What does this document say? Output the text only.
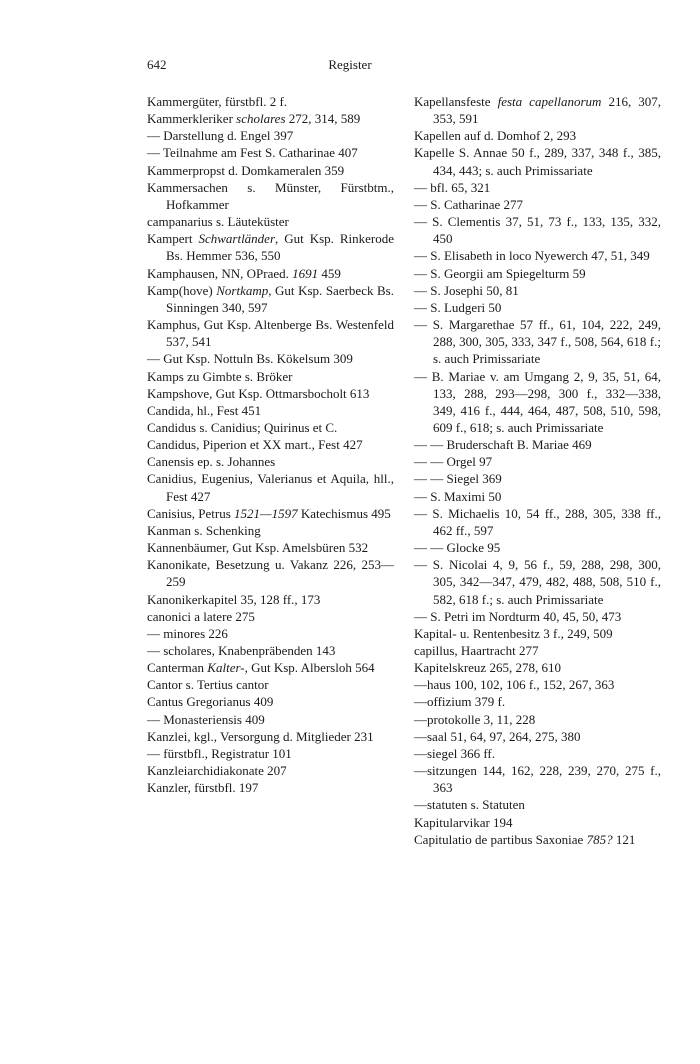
642	Register

Kammergüter, fürstbfl. 2 f.

Kammerkleriker scholares 272, 314, 589

— Darstellung d. Engel 397

— Teilnahme am Fest S. Catharinae 407

Kammerpropst d. Domkameralen 359

Kammersachen s. Münster, Fürstbtm., Hofkammer

campanarius s. Läuteküster

Kampert Schwartländer, Gut Ksp. Rinkerode Bs. Hemmer 536, 550

Kamphausen, NN, OPraed. 1691 459

Kamp(hove) Nortkamp, Gut Ksp. Saerbeck Bs. Sinningen 340, 597

Kamphus, Gut Ksp. Altenberge Bs. Westenfeld 537, 541

— Gut Ksp. Nottuln Bs. Kökelsum 309

Kamps zu Gimbte s. Bröker

Kampshove, Gut Ksp. Ottmarsbocholt 613

Candida, hl., Fest 451

Candidus s. Canidius; Quirinus et C.

Candidus, Piperion et XX mart., Fest 427

Canensis ep. s. Johannes

Canidius, Eugenius, Valerianus et Aquila, hll., Fest 427

Canisius, Petrus 1521—1597 Katechismus 495

Kanman s. Schenking

Kannenbäumer, Gut Ksp. Amelsbüren 532

Kanonikate, Besetzung u. Vakanz 226, 253—259

Kanonikerkapitel 35, 128 ff., 173

canonici a latere 275

— minores 226

— scholares, Knabenpräbenden 143

Canterman Kalter-, Gut Ksp. Albersloh 564

Cantor s. Tertius cantor

Cantus Gregorianus 409

— Monasteriensis 409

Kanzlei, kgl., Versorgung d. Mitglieder 231

— fürstbfl., Registratur 101

Kanzleiarchidiakonate 207

Kanzler, fürstbfl. 197

Kapellansfeste festa capellanorum 216, 307, 353, 591

Kapellen auf d. Domhof 2, 293

Kapelle S. Annae 50 f., 289, 337, 348 f., 385, 434, 443; s. auch Primissariate

— bfl. 65, 321

— S. Catharinae 277

— S. Clementis 37, 51, 73 f., 133, 135, 332, 450

— S. Elisabeth in loco Nyewerch 47, 51, 349

— S. Georgii am Spiegelturm 59

— S. Josephi 50, 81

— S. Ludgeri 50

— S. Margarethae 57 ff., 61, 104, 222, 249, 288, 300, 305, 333, 347 f., 508, 564, 618 f.; s. auch Primissariate

— B. Mariae v. am Umgang 2, 9, 35, 51, 64, 133, 288, 293—298, 300 f., 332—338, 349, 416 f., 444, 464, 487, 508, 510, 598, 609 f., 618; s. auch Primissariate

— — Bruderschaft B. Mariae 469

— — Orgel 97

— — Siegel 369

— S. Maximi 50

— S. Michaelis 10, 54 ff., 288, 305, 338 ff., 462 ff., 597

— — Glocke 95

— S. Nicolai 4, 9, 56 f., 59, 288, 298, 300, 305, 342—347, 479, 482, 488, 508, 510 f., 582, 618 f.; s. auch Primissariate

— S. Petri im Nordturm 40, 45, 50, 473

Kapital- u. Rentenbesitz 3 f., 249, 509

capillus, Haartracht 277

Kapitelskreuz 265, 278, 610

—haus 100, 102, 106 f., 152, 267, 363

—offizium 379 f.

—protokolle 3, 11, 228

—saal 51, 64, 97, 264, 275, 380

—siegel 366 ff.

—sitzungen 144, 162, 228, 239, 270, 275 f., 363

—statuten s. Statuten

Kapitularvikar 194

Capitulatio de partibus Saxoniae 785? 121
